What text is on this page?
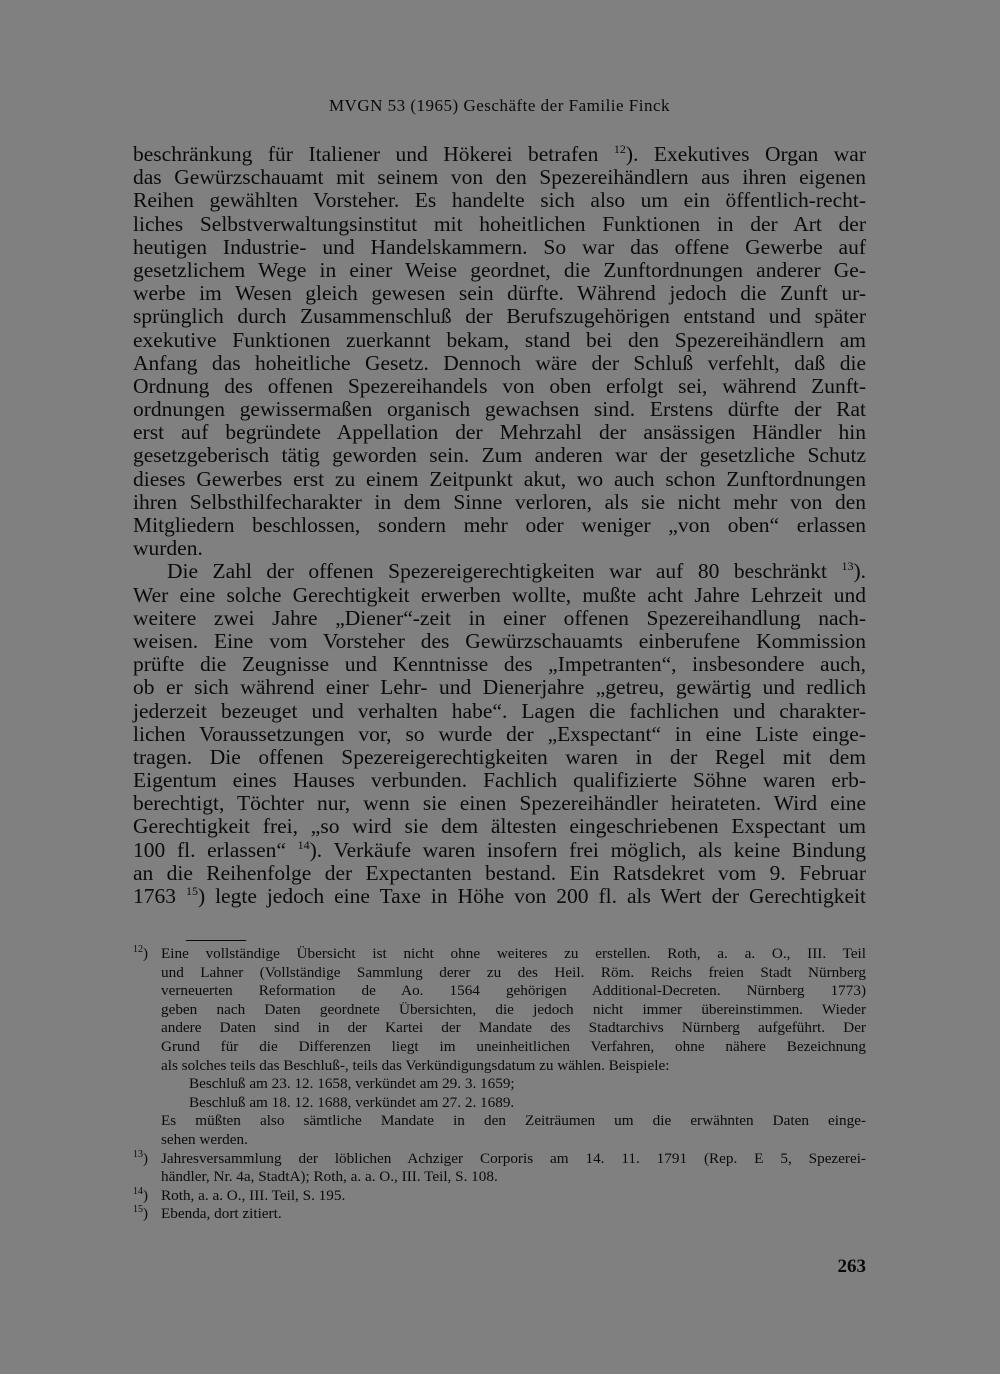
MVGN 53 (1965) Geschäfte der Familie Finck
beschränkung für Italiener und Hökerei betrafen $^{12}$). Exekutives Organ war
das Gewürzschauamt mit seinem von den Spezereihändlern aus ihren eigenen
Reihen gewählten Vorsteher. Es handelte sich also um ein öffentlich-recht-
liches Selbstverwaltungsinstitut mit hoheitlichen Funktionen in der Art der
heutigen Industrie- und Handelskammern. So war das offene Gewerbe auf
gesetzlichem Wege in einer Weise geordnet, die Zunftordnungen anderer Ge-
werbe im Wesen gleich gewesen sein dürfte. Während jedoch die Zunft ur-
sprünglich durch Zusammenschluß der Berufszugehörigen entstand und später
exekutive Funktionen zuerkannt bekam, stand bei den Spezereihändlern am
Anfang das hoheitliche Gesetz. Dennoch wäre der Schluß verfehlt, daß die
Ordnung des offenen Spezereihandels von oben erfolgt sei, während Zunft-
ordnungen gewissermaßen organisch gewachsen sind. Erstens dürfte der Rat
erst auf begründete Appellation der Mehrzahl der ansässigen Händler hin
gesetzgeberisch tätig geworden sein. Zum anderen war der gesetzliche Schutz
dieses Gewerbes erst zu einem Zeitpunkt akut, wo auch schon Zunftordnungen
ihren Selbsthilfecharakter in dem Sinne verloren, als sie nicht mehr von den
Mitgliedern beschlossen, sondern mehr oder weniger „von oben“ erlassen
wurden.
Die Zahl der offenen Spezereigerechtigkeiten war auf 80 beschränkt $^{13}$).
Wer eine solche Gerechtigkeit erwerben wollte, mußte acht Jahre Lehrzeit und
weitere zwei Jahre „Diener“-zeit in einer offenen Spezereihandlung nach-
weisen. Eine vom Vorsteher des Gewürzschauamts einberufene Kommission
prüfte die Zeugnisse und Kenntnisse des „Impetranten“, insbesondere auch,
ob er sich während einer Lehr- und Dienerjahre „getreu, gewärtig und redlich
jederzeit bezeuget und verhalten habe“. Lagen die fachlichen und charakter-
lichen Voraussetzungen vor, so wurde der „Exspectant“ in eine Liste einge-
tragen. Die offenen Spezereigerechtigkeiten waren in der Regel mit dem
Eigentum eines Hauses verbunden. Fachlich qualifizierte Söhne waren erb-
berechtigt, Töchter nur, wenn sie einen Spezereihändler heirateten. Wird eine
Gerechtigkeit frei, „so wird sie dem ältesten eingeschriebenen Exspectant um
100 fl. erlassen“ $^{14}$). Verkäufe waren insofern frei möglich, als keine Bindung
an die Reihenfolge der Expectanten bestand. Ein Ratsdekret vom 9. Februar
1763 $^{15}$) legte jedoch eine Taxe in Höhe von 200 fl. als Wert der Gerechtigkeit
$^{12}$) Eine vollständige Übersicht ist nicht ohne weiteres zu erstellen. Roth, a. a. O., III. Teil
und Lahner (Vollständige Sammlung derer zu des Heil. Röm. Reichs freien Stadt Nürnberg
verneuerten Reformation de Ao. 1564 gehörigen Additional-Decreten. Nürnberg 1773)
geben nach Daten geordnete Übersichten, die jedoch nicht immer übereinstimmen. Wieder
andere Daten sind in der Kartei der Mandate des Stadtarchivs Nürnberg aufgeführt. Der
Grund für die Differenzen liegt im uneinheitlichen Verfahren, ohne nähere Bezeichnung
als solches teils das Beschluß-, teils das Verkündigungsdatum zu wählen. Beispiele:
Beschluß am 23. 12. 1658, verkündet am 29. 3. 1659;
Beschluß am 18. 12. 1688, verkündet am 27. 2. 1689.
Es müßten also sämtliche Mandate in den Zeiträumen um die erwähnten Daten einge-
sehen werden.
$^{13}$) Jahresversammlung der löblichen Achziger Corporis am 14. 11. 1791 (Rep. E 5, Spezerei-
händler, Nr. 4a, StadtA); Roth, a. a. O., III. Teil, S. 108.
$^{14}$) Roth, a. a. O., III. Teil, S. 195.
$^{15}$) Ebenda, dort zitiert.
263
